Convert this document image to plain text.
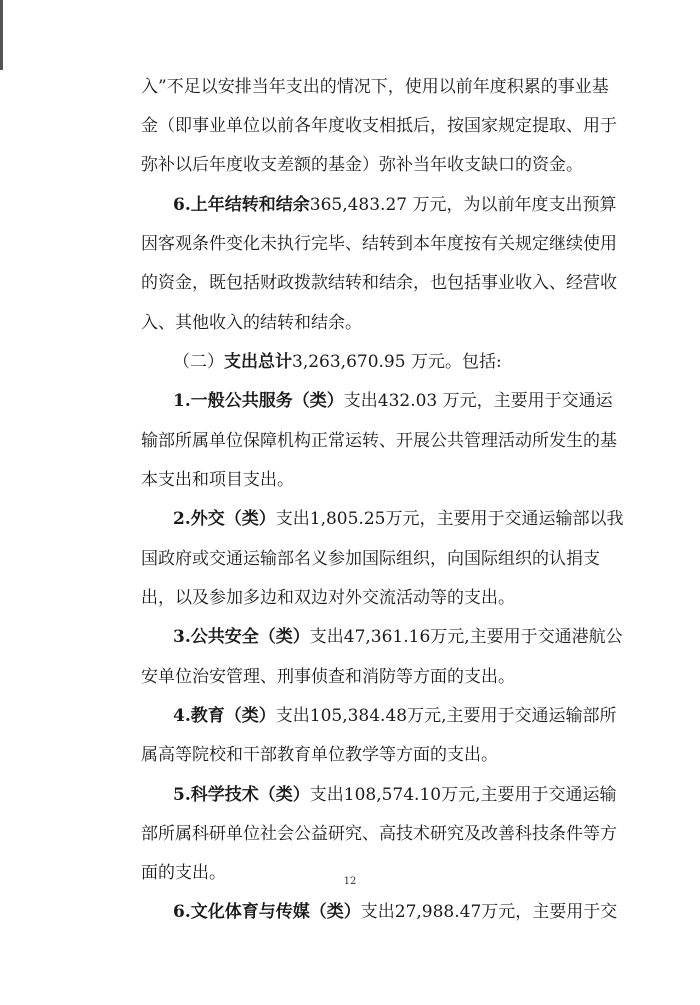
入”不足以安排当年支出的情况下，使用以前年度积累的事业基
金（即事业单位以前各年度收支相抵后，按国家规定提取、用于
弥补以后年度收支差额的基金）弥补当年收支缺口的资金。
6.上年结转和结余365,483.27 万元，为以前年度支出预算
因客观条件变化未执行完毕、结转到本年度按有关规定继续使用
的资金，既包括财政拨款结转和结余，也包括事业收入、经营收
入、其他收入的结转和结余。
（二）支出总计3,263,670.95 万元。包括:
1.一般公共服务（类）支出432.03 万元，主要用于交通运
输部所属单位保障机构正常运转、开展公共管理活动所发生的基
本支出和项目支出。
2.外交（类）支出1,805.25万元，主要用于交通运输部以我
国政府或交通运输部名义参加国际组织，向国际组织的认捐支
出，以及参加多边和双边对外交流活动等的支出。
3.公共安全（类）支出47,361.16万元,主要用于交通港航公
安单位治安管理、刑事侦查和消防等方面的支出。
4.教育（类）支出105,384.48万元,主要用于交通运输部所
属高等院校和干部教育单位教学等方面的支出。
5.科学技术（类）支出108,574.10万元,主要用于交通运输
部所属科研单位社会公益研究、高技术研究及改善科技条件等方
面的支出。
6.文化体育与传媒（类）支出27,988.47万元，主要用于交
12
